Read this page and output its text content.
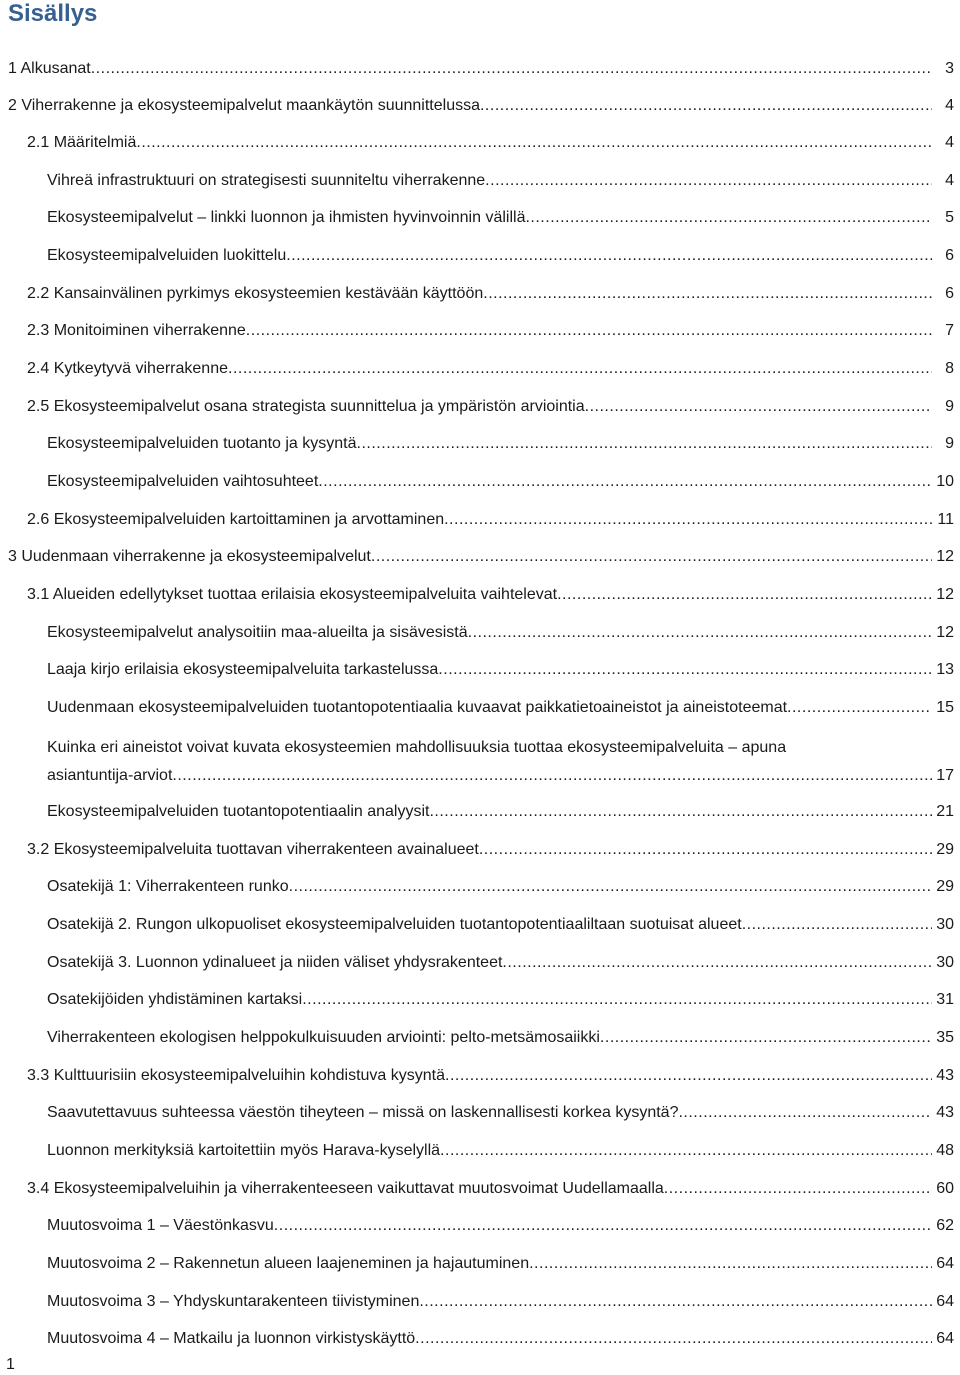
Sisällys
1 Alkusanat .....	3
2 Viherrakenne ja ekosysteemipalvelut maankäytön suunnittelussa .....	4
2.1 Määritelmiä .....	4
Vihreä infrastruktuuri on strategisesti suunniteltu viherrakenne .....	4
Ekosysteemipalvelut – linkki luonnon ja ihmisten hyvinvoinnin välillä .....	5
Ekosysteemipalveluiden luokittelu .....	6
2.2 Kansainvälinen pyrkimys ekosysteemien kestävään käyttöön .....	6
2.3 Monitoiminen viherrakenne .....	7
2.4 Kytkeytyvä viherrakenne .....	8
2.5 Ekosysteemipalvelut osana strategista suunnittelua ja ympäristön arviointia .....	9
Ekosysteemipalveluiden tuotanto ja kysyntä .....	9
Ekosysteemipalveluiden vaihtosuhteet .....	10
2.6 Ekosysteemipalveluiden kartoittaminen ja arvottaminen .....	11
3 Uudenmaan viherrakenne ja ekosysteemipalvelut .....	12
3.1 Alueiden edellytykset tuottaa erilaisia ekosysteemipalveluita vaihtelevat .....	12
Ekosysteemipalvelut analysoitiin maa-alueilta ja sisävesistä .....	12
Laaja kirjo erilaisia ekosysteemipalveluita tarkastelussa .....	13
Uudenmaan ekosysteemipalveluiden tuotantopotentiaalia kuvaavat paikkatietoaineistot ja aineistoteemat .....	15
Kuinka eri aineistot voivat kuvata ekosysteemien mahdollisuuksia tuottaa ekosysteemipalveluita – apuna
asiantuntija-arviot .....	17
Ekosysteemipalveluiden tuotantopotentiaalin analyysit .....	21
3.2 Ekosysteemipalveluita tuottavan viherrakenteen avainalueet .....	29
Osatekijä 1: Viherrakenteen runko .....	29
Osatekijä 2. Rungon ulkopuoliset ekosysteemipalveluiden tuotantopotentiaaliltaan suotuisat alueet .....	30
Osatekijä 3. Luonnon ydinalueet ja niiden väliset yhdysrakenteet .....	30
Osatekijöiden yhdistäminen kartaksi .....	31
Viherrakenteen ekologisen helppokulkuisuuden arviointi: pelto-metsämosaiikki .....	35
3.3 Kulttuurisiin ekosysteemipalveluihin kohdistuva kysyntä .....	43
Saavutettavuus suhteessa väestön tiheyteen – missä on laskennallisesti korkea kysyntä? .....	43
Luonnon merkityksiä kartoitettiin myös Harava-kyselyllä .....	48
3.4 Ekosysteemipalveluihin ja viherrakenteeseen vaikuttavat muutosvoimat Uudellamaalla .....	60
Muutosvoima 1 – Väestönkasvu .....	62
Muutosvoima 2 – Rakennetun alueen laajeneminen ja hajautuminen .....	64
Muutosvoima 3 – Yhdyskuntarakenteen tiivistyminen .....	64
Muutosvoima 4 – Matkailu ja luonnon virkistyskäyttö .....	64
1
